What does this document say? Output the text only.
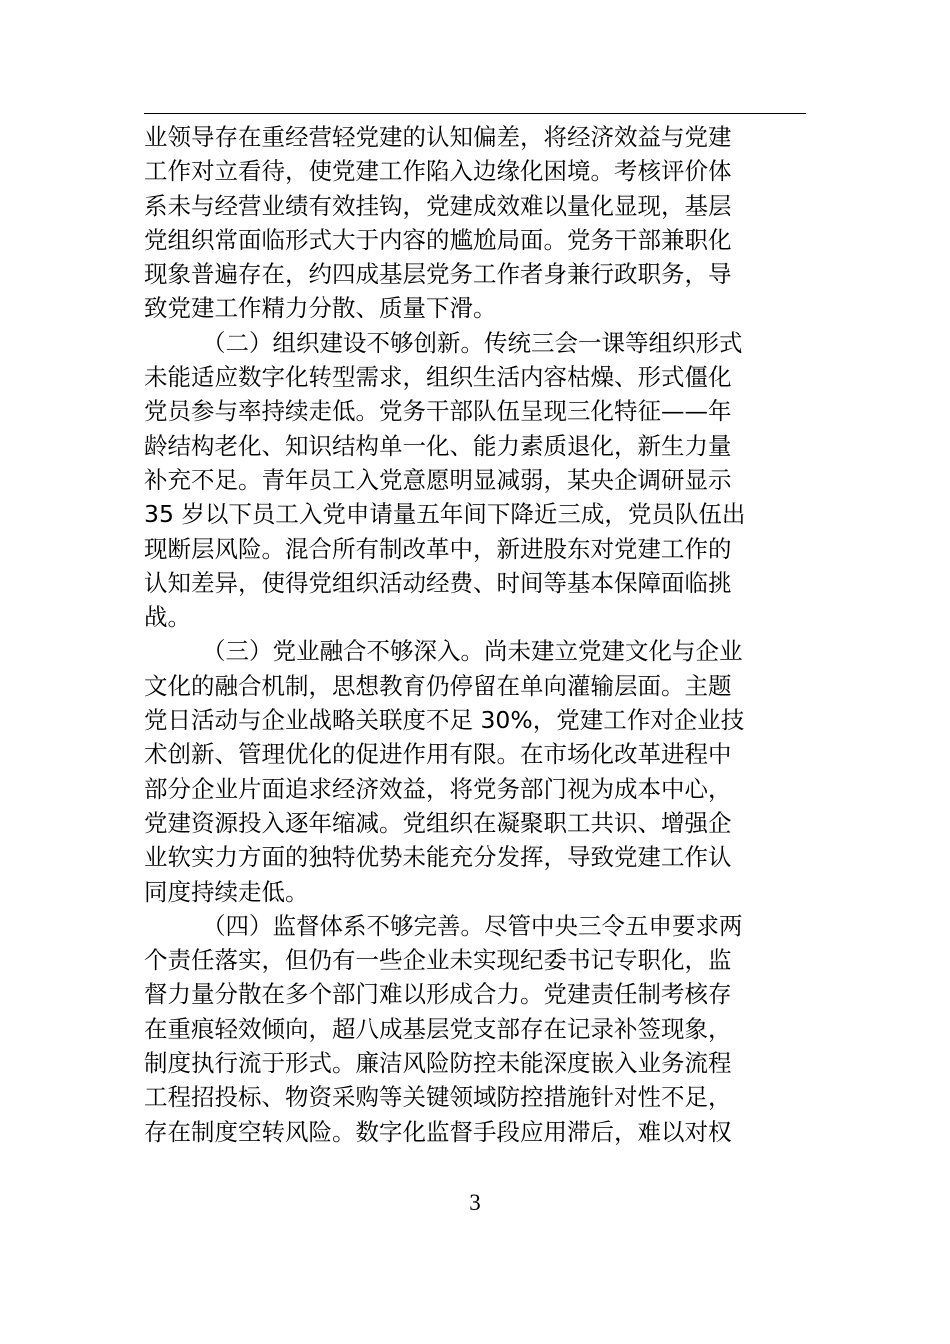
业领导存在重经营轻党建的认知偏差，将经济效益与党建
工作对立看待，使党建工作陷入边缘化困境。考核评价体
系未与经营业绩有效挂钩，党建成效难以量化显现，基层
党组织常面临形式大于内容的尴尬局面。党务干部兼职化
现象普遍存在，约四成基层党务工作者身兼行政职务，导
致党建工作精力分散、质量下滑。
（二）组织建设不够创新。传统三会一课等组织形式
未能适应数字化转型需求，组织生活内容枯燥、形式僵化
党员参与率持续走低。党务干部队伍呈现三化特征——年
龄结构老化、知识结构单一化、能力素质退化，新生力量
补充不足。青年员工入党意愿明显减弱，某央企调研显示
35 岁以下员工入党申请量五年间下降近三成，党员队伍出
现断层风险。混合所有制改革中，新进股东对党建工作的
认知差异，使得党组织活动经费、时间等基本保障面临挑
战。
（三）党业融合不够深入。尚未建立党建文化与企业
文化的融合机制，思想教育仍停留在单向灌输层面。主题
党日活动与企业战略关联度不足 30%，党建工作对企业技
术创新、管理优化的促进作用有限。在市场化改革进程中
部分企业片面追求经济效益，将党务部门视为成本中心，
党建资源投入逐年缩减。党组织在凝聚职工共识、增强企
业软实力方面的独特优势未能充分发挥，导致党建工作认
同度持续走低。
（四）监督体系不够完善。尽管中央三令五申要求两
个责任落实，但仍有一些企业未实现纪委书记专职化，监
督力量分散在多个部门难以形成合力。党建责任制考核存
在重痕轻效倾向，超八成基层党支部存在记录补签现象，
制度执行流于形式。廉洁风险防控未能深度嵌入业务流程
工程招投标、物资采购等关键领域防控措施针对性不足，
存在制度空转风险。数字化监督手段应用滞后，难以对权
3
